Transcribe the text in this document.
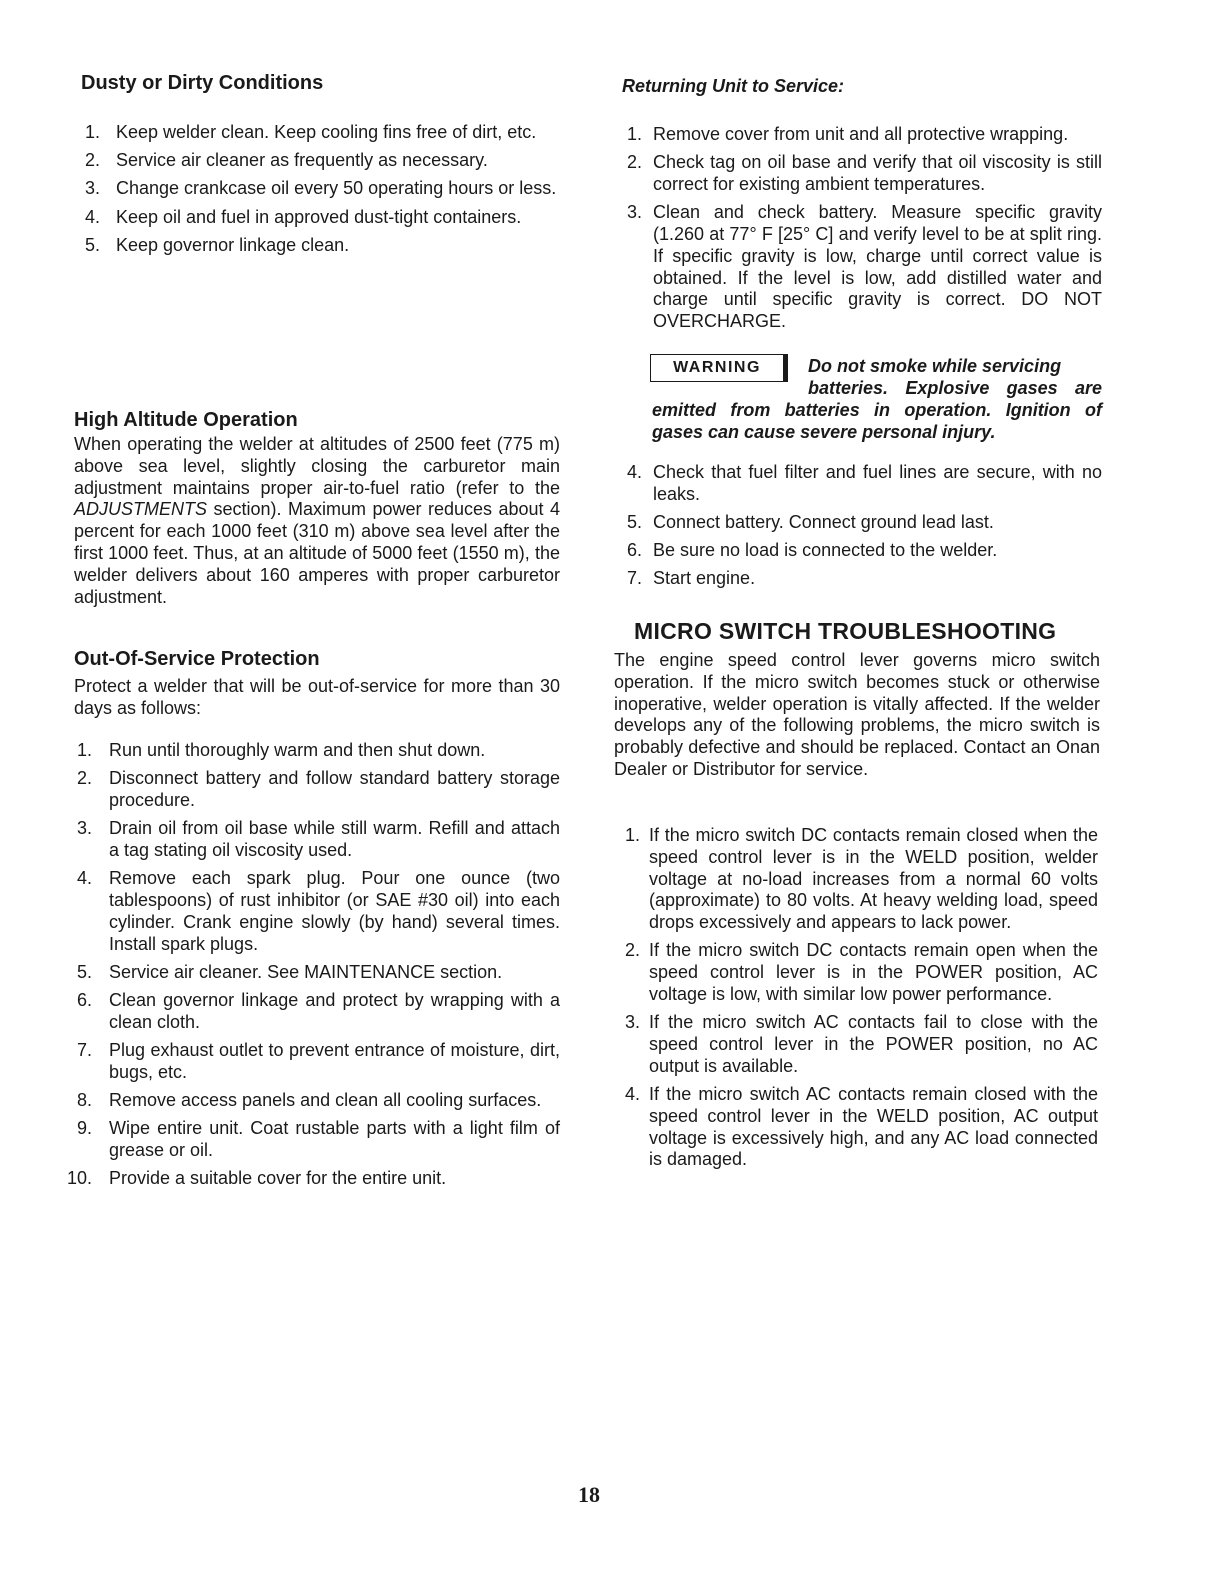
Dusty or Dirty Conditions
1. Keep welder clean. Keep cooling fins free of dirt, etc.
2. Service air cleaner as frequently as necessary.
3. Change crankcase oil every 50 operating hours or less.
4. Keep oil and fuel in approved dust-tight containers.
5. Keep governor linkage clean.
High Altitude Operation

When operating the welder at altitudes of 2500 feet (775 m) above sea level, slightly closing the carburetor main adjustment maintains proper air-to-fuel ratio (refer to the ADJUSTMENTS section). Maximum power reduces about 4 percent for each 1000 feet (310 m) above sea level after the first 1000 feet. Thus, at an altitude of 5000 feet (1550 m), the welder delivers about 160 amperes with proper carburetor adjustment.

Out-Of-Service Protection

Protect a welder that will be out-of-service for more than 30 days as follows:

1. Run until thoroughly warm and then shut down.
2. Disconnect battery and follow standard battery storage procedure.
3. Drain oil from oil base while still warm. Refill and attach a tag stating oil viscosity used.
4. Remove each spark plug. Pour one ounce (two tablespoons) of rust inhibitor (or SAE #30 oil) into each cylinder. Crank engine slowly (by hand) several times. Install spark plugs.
5. Service air cleaner. See MAINTENANCE section.
6. Clean governor linkage and protect by wrapping with a clean cloth.
7. Plug exhaust outlet to prevent entrance of moisture, dirt, bugs, etc.
8. Remove access panels and clean all cooling surfaces.
9. Wipe entire unit. Coat rustable parts with a light film of grease or oil.
10. Provide a suitable cover for the entire unit.
Returning Unit to Service:
1. Remove cover from unit and all protective wrapping.
2. Check tag on oil base and verify that oil viscosity is still correct for existing ambient temperatures.
3. Clean and check battery. Measure specific gravity (1.260 at 77° F [25° C] and verify level to be at split ring. If specific gravity is low, charge until correct value is obtained. If the level is low, add distilled water and charge until specific gravity is correct. DO NOT OVERCHARGE.
WARNING	Do not smoke while servicing

batteries. Explosive gases are

emitted from batteries in operation. Ignition of gases can cause severe personal injury.

4. Check that fuel filter and fuel lines are secure, with no leaks.
5. Connect battery. Connect ground lead last.
6. Be sure no load is connected to the welder.
7. Start engine.
MICRO SWITCH TROUBLESHOOTING

The engine speed control lever governs micro switch operation. If the micro switch becomes stuck or otherwise inoperative, welder operation is vitally affected. If the welder develops any of the following problems, the micro switch is probably defective and should be replaced. Contact an Onan Dealer or Distributor for service.

1. If the micro switch DC contacts remain closed when the speed control lever is in the WELD position, welder voltage at no-load increases from a normal 60 volts (approximate) to 80 volts. At heavy welding load, speed drops excessively and appears to lack power.
2. If the micro switch DC contacts remain open when the speed control lever is in the POWER position, AC voltage is low, with similar low power performance.
3. If the micro switch AC contacts fail to close with the speed control lever in the POWER position, no AC output is available.
4. If the micro switch AC contacts remain closed with the speed control lever in the WELD position, AC output voltage is excessively high, and any AC load connected is damaged.
18
